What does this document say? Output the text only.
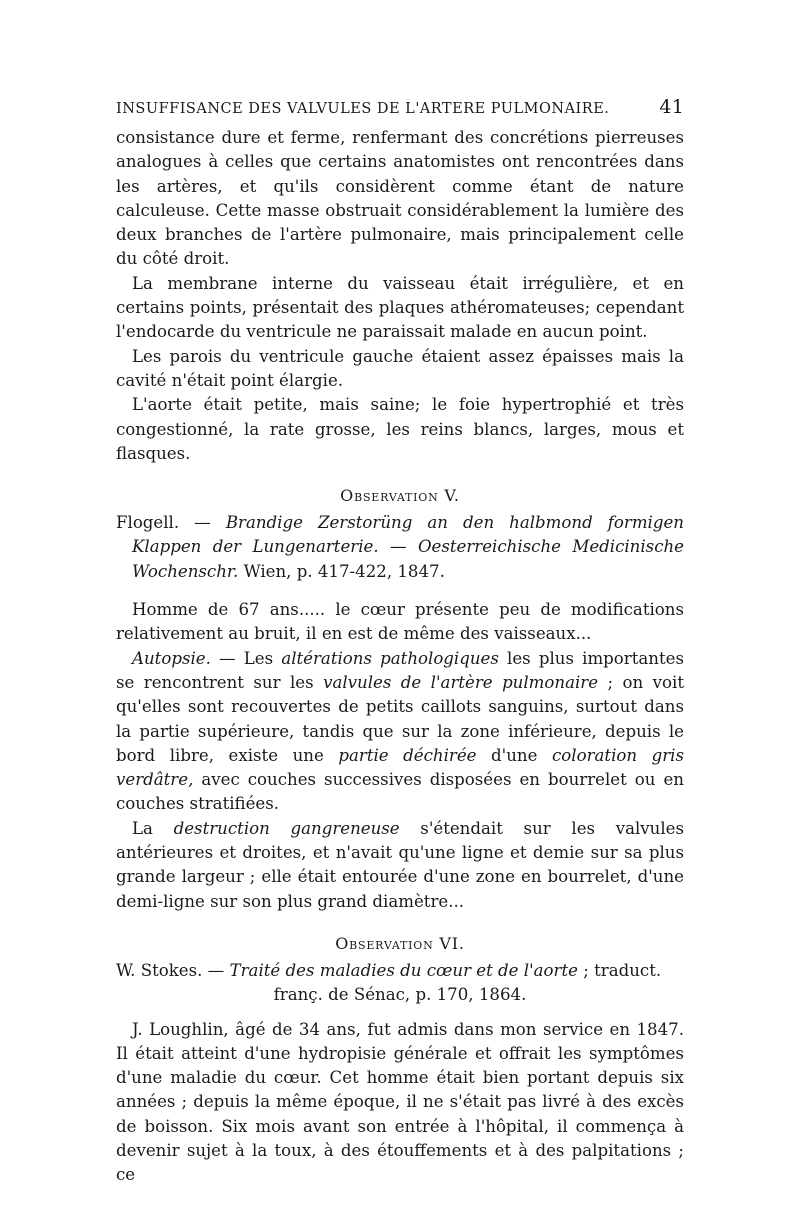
INSUFFISANCE DES VALVULES DE L'ARTERE PULMONAIRE.	41

consistance dure et ferme, renfermant des concrétions pierreuses analogues à celles que certains anatomistes ont rencontrées dans les artères, et qu'ils considèrent comme étant de nature calculeuse. Cette masse obstruait considérablement la lumière des deux branches de l'artère pulmonaire, mais principalement celle du côté droit.

La membrane interne du vaisseau était irrégulière, et en certains points, présentait des plaques athéromateuses; cependant l'endocarde du ventricule ne paraissait malade en aucun point.

Les parois du ventricule gauche étaient assez épaisses mais la cavité n'était point élargie.

L'aorte était petite, mais saine; le foie hypertrophié et très congestionné, la rate grosse, les reins blancs, larges, mous et flasques.

Observation V.

Flogell. — Brandige Zerstorüng an den halbmond formigen Klappen der Lungenarterie. — Oesterreichische Medicinische Wochenschr. Wien, p. 417-422, 1847.

Homme de 67 ans..... le cœur présente peu de modifications relativement au bruit, il en est de même des vaisseaux...

Autopsie. — Les altérations pathologiques les plus importantes se rencontrent sur les valvules de l'artère pulmonaire ; on voit qu'elles sont recouvertes de petits caillots sanguins, surtout dans la partie supérieure, tandis que sur la zone inférieure, depuis le bord libre, existe une partie déchirée d'une coloration gris verdâtre, avec couches successives disposées en bourrelet ou en couches stratifiées.

La destruction gangreneuse s'étendait sur les valvules antérieures et droites, et n'avait qu'une ligne et demie sur sa plus grande largeur ; elle était entourée d'une zone en bourrelet, d'une demi-ligne sur son plus grand diamètre...

Observation VI.

W. Stokes. — Traité des maladies du cœur et de l'aorte ; traduct.

franç. de Sénac, p. 170, 1864.

J. Loughlin, âgé de 34 ans, fut admis dans mon service en 1847. Il était atteint d'une hydropisie générale et offrait les symptômes d'une maladie du cœur. Cet homme était bien portant depuis six années ; depuis la même époque, il ne s'était pas livré à des excès de boisson. Six mois avant son entrée à l'hôpital, il commença à devenir sujet à la toux, à des étouffements et à des palpitations ; ce
